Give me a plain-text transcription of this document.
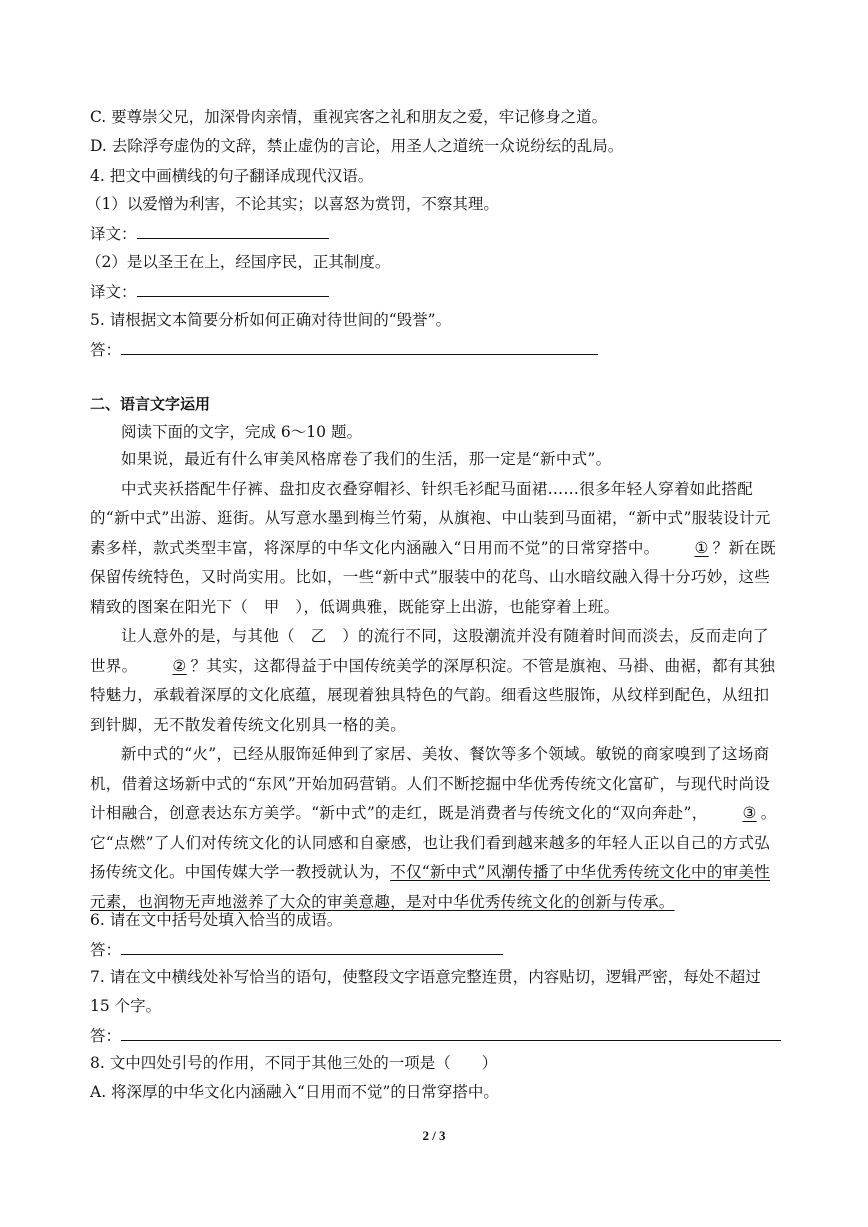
C. 要尊崇父兄，加深骨肉亲情，重视宾客之礼和朋友之爱，牢记修身之道。
D. 去除浮夸虚伪的文辞，禁止虚伪的言论，用圣人之道统一众说纷纭的乱局。
4. 把文中画横线的句子翻译成现代汉语。
（1）以爱憎为利害，不论其实；以喜怒为赏罚，不察其理。
译文：
（2）是以圣王在上，经国序民，正其制度。
译文：
5. 请根据文本简要分析如何正确对待世间的“毁誉”。
答：
二、语言文字运用
阅读下面的文字，完成 6～10 题。

如果说，最近有什么审美风格席卷了我们的生活，那一定是“新中式”。

中式夹袄搭配牛仔裤、盘扣皮衣叠穿帽衫、针织毛衫配马面裙……很多年轻人穿着如此搭配的“新中式”出游、逛街。从写意水墨到梅兰竹菊，从旗袍、中山装到马面裙，“新中式”服装设计元素多样，款式类型丰富，将深厚的中华文化内涵融入“日用而不觉”的日常穿搭中。 ① ？新在既保留传统特色，又时尚实用。比如，一些“新中式”服装中的花鸟、山水暗纹融入得十分巧妙，这些精致的图案在阳光下（　甲　），低调典雅，既能穿上出游，也能穿着上班。

让人意外的是，与其他（　乙　）的流行不同，这股潮流并没有随着时间而淡去，反而走向了世界。 ② ？其实，这都得益于中国传统美学的深厚积淀。不管是旗袍、马褂、曲裾，都有其独特魅力，承载着深厚的文化底蕴，展现着独具特色的气韵。细看这些服饰，从纹样到配色，从纽扣到针脚，无不散发着传统文化别具一格的美。

新中式的“火”，已经从服饰延伸到了家居、美妆、餐饮等多个领域。敏锐的商家嗅到了这场商机，借着这场新中式的“东风”开始加码营销。人们不断挖掘中华优秀传统文化富矿，与现代时尚设计相融合，创意表达东方美学。“新中式”的走红，既是消费者与传统文化的“双向奔赴”， ③ 。它“点燃”了人们对传统文化的认同感和自豪感，也让我们看到越来越多的年轻人正以自己的方式弘扬传统文化。中国传媒大学一教授就认为，不仅“新中式”风潮传播了中华优秀传统文化中的审美性元素，也润物无声地滋养了大众的审美意趣，是对中华优秀传统文化的创新与传承。

6. 请在文中括号处填入恰当的成语。
答：
7. 请在文中横线处补写恰当的语句，使整段文字语意完整连贯，内容贴切，逻辑严密，每处不超过
15 个字。
答：
8. 文中四处引号的作用，不同于其他三处的一项是（　　）
A. 将深厚的中华文化内涵融入“日用而不觉”的日常穿搭中。
2 / 3
